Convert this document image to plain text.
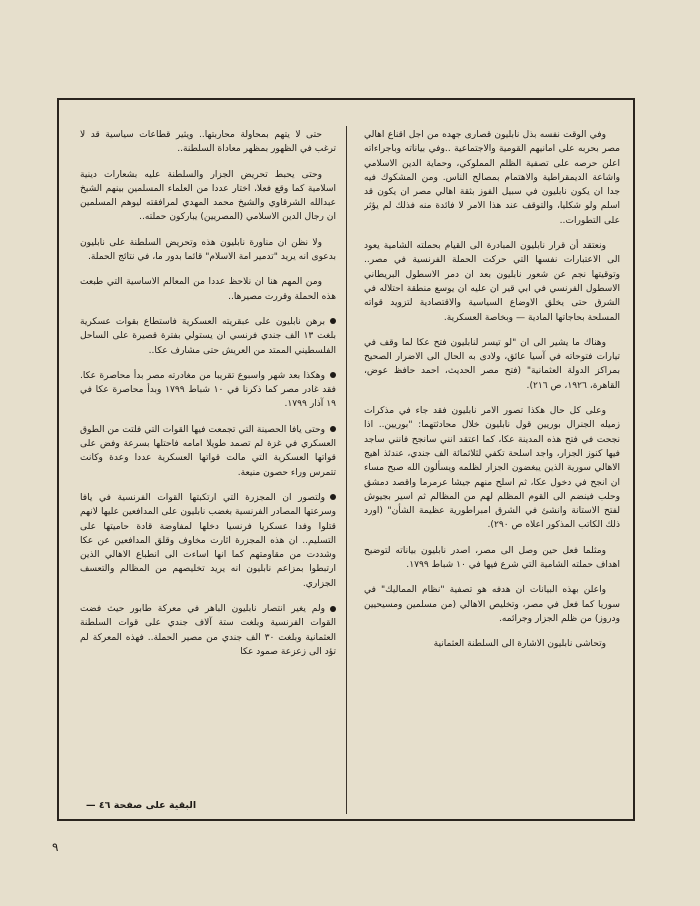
وفي الوقت نفسه بذل نابليون قصارى جهده من اجل اقناع اهالي مصر بحربه على امانيهم القومية والاجتماعية ..وفي بياناته وباجراءاته اعلن حرصه على تصفية الظلم المملوكي، وحماية الدين الاسلامي واشاعة الديمقراطية والاهتمام بمصالح الناس. ومن المشكوك فيه جدا ان يكون نابليون في سبيل الفوز بثقة اهالي مصر ان يكون قد اسلم ولو شكليا، والتوقف عند هذا الامر لا فائدة منه فذلك لم يؤثر على التطورات..

ونعتقد أن قرار نابليون المبادرة الى القيام بحملته الشامية يعود الى الاعتبارات نفسها التي حركت الحملة الفرنسية في مصر.. وتوقيتها نجم عن شعور نابليون بعد ان دمر الاسطول البريطاني الاسطول الفرنسي في ابي قير ان عليه ان يوسع منطقة احتلاله في الشرق حتى يخلق الاوضاع السياسية والاقتصادية لتزويد قواته المسلحة بحاجاتها المادية — وبخاصة العسكرية.

وهناك ما يشير الى ان "لو تيسر لنابليون فتح عكا لما وقف في تيارات فتوحاته في آسيا عائق، ولادى به الحال الى الاضرار الصحيح بمراكز الدولة العثمانية" (فتح مصر الحديث، احمد حافظ عوض، القاهرة، ١٩٢٦، ص ٢١٦).

وعلى كل حال هكذا تصور الامر نابليون فقد جاء في مذكرات زميله الجنرال بوريين قول نابليون خلال محادثتهما: "بوريين.. اذا نجحت في فتح هذه المدينة عكا، كما اعتقد انني سانجح فانني ساجد فيها كنوز الجزار، واجد اسلحة تكفي لثلاثمائة الف جندي، عندئذ اهيج الاهالي سورية الذين يبغضون الجزار لظلمه ويسألون الله صبح مساء ان انجح في دخول عكا، ثم اسلح منهم جيشا عرمرما واقصد دمشق وحلب فينضم الى القوم المظلم لهم من المظالم ثم اسير بجيوش لفتح الاستانة وانشئ في الشرق امبراطورية عظيمة الشأن" (اورد ذلك الكاتب المذكور اعلاه ص ٢٩٠).

ومثلما فعل حين وصل الى مصر، اصدر نابليون بياناته لتوضيح اهداف حملته الشامية التي شرع فيها في ١٠ شباط ١٧٩٩.

واعلن بهذه البيانات ان هدفه هو تصفية "نظام المماليك" في سوريا كما فعل في مصر، وتخليص الاهالي (من مسلمين ومسيحيين ودروز) من ظلم الجزار وجرائمه.

وتحاشى نابليون الاشارة الى السلطنة العثمانية

حتى لا يتهم بمحاولة محاربتها.. ويثير قطاعات سياسية قد لا ترغب في الظهور بمظهر معاداة السلطنة..

وحتى يحبط تحريض الجزار والسلطنة عليه بشعارات دينية اسلامية كما وقع فعلا، اختار عددا من العلماء المسلمين بينهم الشيخ عبدالله الشرقاوي والشيخ محمد المهدي لمرافقته ليوهم المسلمين ان رجال الدين الاسلامي (المصريين) يباركون حملته..

ولا نظن ان مناورة نابليون هذه وتحريض السلطنة على نابليون بدعوى انه يريد "تدمير امة الاسلام" قائما بدور ما، في نتائج الحملة.

ومن المهم هنا ان نلاحظ عددا من المعالم الاساسية التي طبعت هذه الحملة وقررت مصيرها..

برهن نابليون على عبقريته العسكرية فاستطاع بقوات عسكرية بلغت ١٣ الف جندي فرنسي ان يستولي بفترة قصيرة على الساحل الفلسطيني الممتد من العريش حتى مشارف عكا..

وهكذا بعد شهر واسبوع تقريبا من مغادرته مصر بدأ محاصرة عكا. فقد غادر مصر كما ذكرنا في ١٠ شباط ١٧٩٩ وبدأ محاصرة عكا في ١٩ آذار ١٧٩٩.

وحتى يافا الحصينة التي تجمعت فيها القوات التي فلتت من الطوق العسكري في غزة لم تصمد طويلا امامه فاحتلها بسرعة وفض على قواتها العسكرية التي مالت قواتها العسكرية عددا وعدة وكانت تتمرس وراء حصون منيعة.

ولتصور ان المجزرة التي ارتكبتها القوات الفرنسية في يافا وسرعتها المصادر الفرنسية بغضب نابليون على المدافعين عليها لانهم قتلوا وفدا عسكريا فرنسيا دخلها لمفاوضة قادة حاميتها على التسليم.. ان هذه المجزرة اثارت مخاوف وقلق المدافعين عن عكا وشددت من مقاومتهم كما انها اساءت الى انطباع الاهالي الذين ارتبطوا بمزاعم نابليون انه يريد تخليصهم من المظالم والتعسف الجزاري.

ولم يغير انتصار نابليون الباهر في معركة طابور حيث فضت القوات الفرنسية وبلغت ستة آلاف جندي على قوات السلطنة العثمانية وبلغت ٣٠ الف جندي من مصير الحملة.. فهذه المعركة لم تؤد الى زعزعة صمود عكا

البقية على صفحة ٤٦ —
٩
